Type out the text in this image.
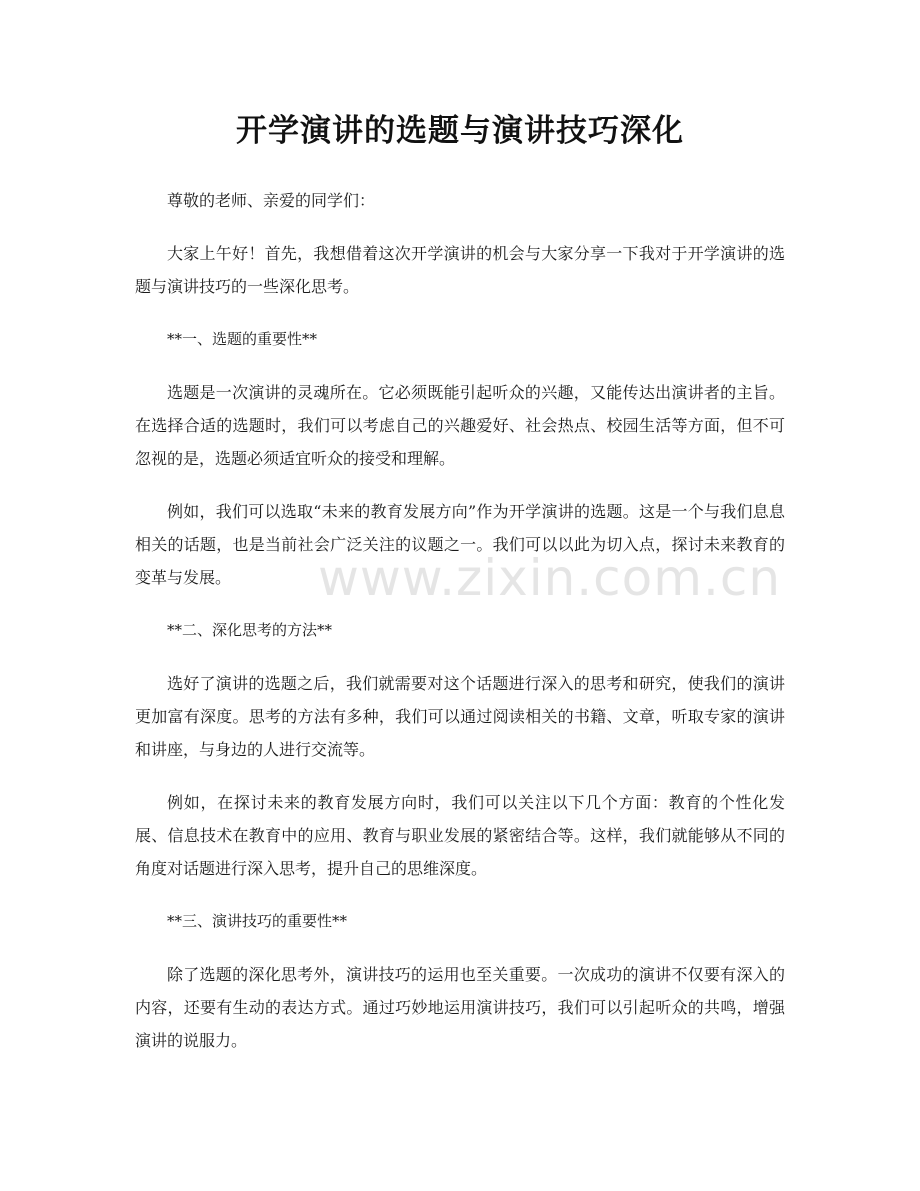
开学演讲的选题与演讲技巧深化

尊敬的老师、亲爱的同学们：

大家上午好！首先，我想借着这次开学演讲的机会与大家分享一下我对于开学演讲的选题与演讲技巧的一些深化思考。

**一、选题的重要性**

选题是一次演讲的灵魂所在。它必须既能引起听众的兴趣，又能传达出演讲者的主旨。在选择合适的选题时，我们可以考虑自己的兴趣爱好、社会热点、校园生活等方面，但不可忽视的是，选题必须适宜听众的接受和理解。

例如，我们可以选取“未来的教育发展方向”作为开学演讲的选题。这是一个与我们息息相关的话题，也是当前社会广泛关注的议题之一。我们可以以此为切入点，探讨未来教育的变革与发展。

**二、深化思考的方法**

选好了演讲的选题之后，我们就需要对这个话题进行深入的思考和研究，使我们的演讲更加富有深度。思考的方法有多种，我们可以通过阅读相关的书籍、文章，听取专家的演讲和讲座，与身边的人进行交流等。

例如，在探讨未来的教育发展方向时，我们可以关注以下几个方面：教育的个性化发展、信息技术在教育中的应用、教育与职业发展的紧密结合等。这样，我们就能够从不同的角度对话题进行深入思考，提升自己的思维深度。

**三、演讲技巧的重要性**

除了选题的深化思考外，演讲技巧的运用也至关重要。一次成功的演讲不仅要有深入的内容，还要有生动的表达方式。通过巧妙地运用演讲技巧，我们可以引起听众的共鸣，增强演讲的说服力。

www.zixin.com.cn
